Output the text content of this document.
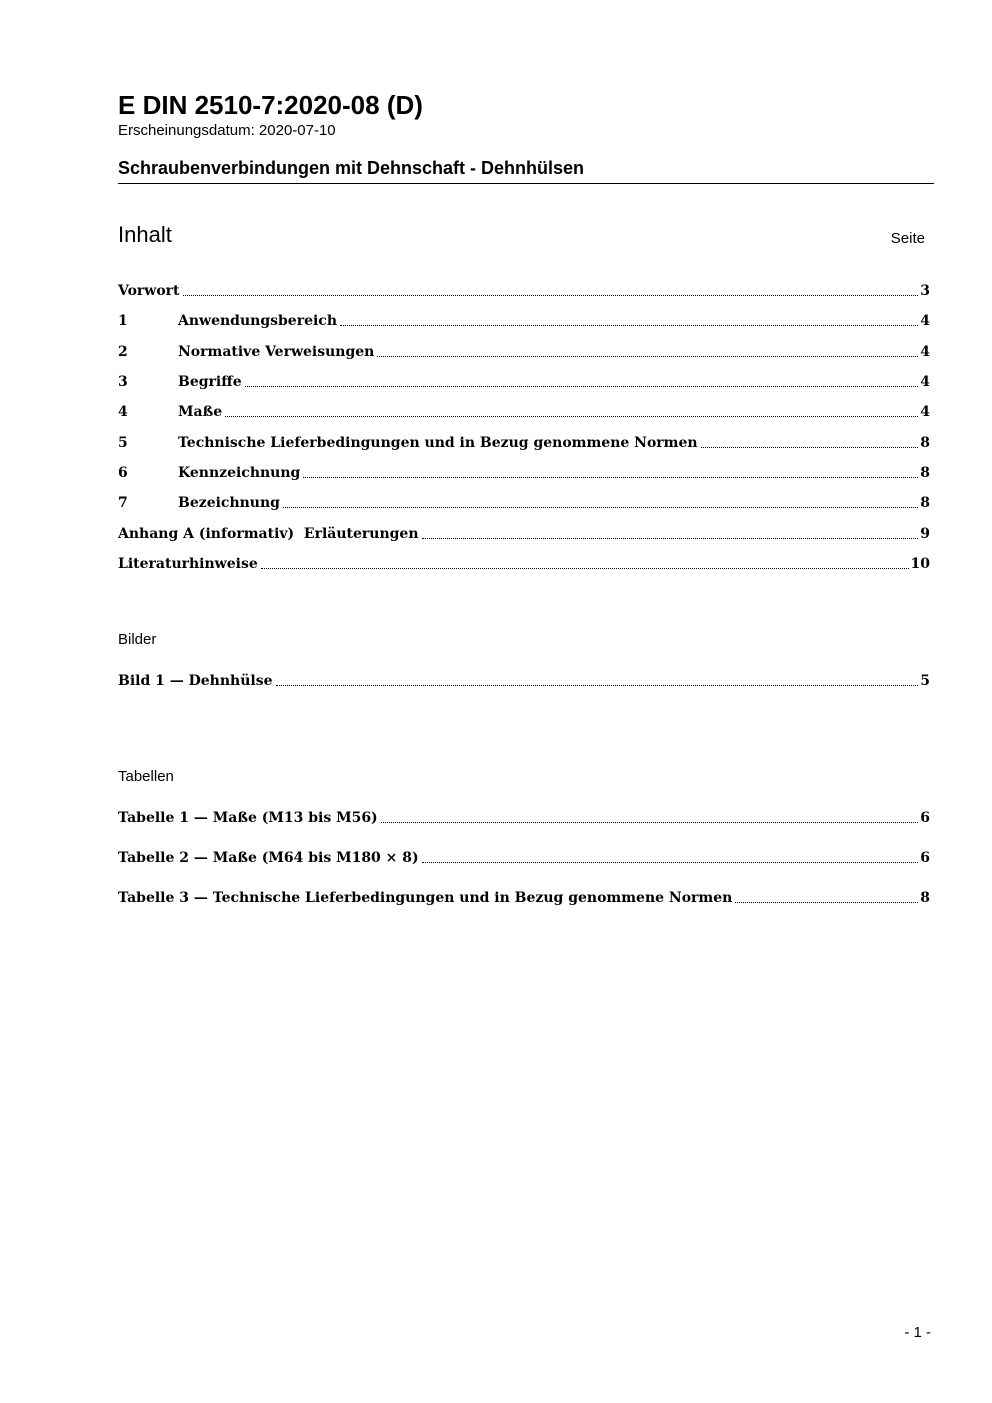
E DIN 2510-7:2020-08 (D)
Erscheinungsdatum: 2020-07-10
Schraubenverbindungen mit Dehnschaft - Dehnhülsen
Inhalt	Seite
Vorwort	3
1	Anwendungsbereich	4
2	Normative Verweisungen	4
3	Begriffe	4
4	Maße	4
5	Technische Lieferbedingungen und in Bezug genommene Normen	8
6	Kennzeichnung	8
7	Bezeichnung	8
Anhang A (informativ)  Erläuterungen	9
Literaturhinweise	10
Bilder
Bild 1 — Dehnhülse	5
Tabellen
Tabelle 1 — Maße (M13 bis M56)	6
Tabelle 2 — Maße (M64 bis M180 × 8)	6
Tabelle 3 — Technische Lieferbedingungen und in Bezug genommene Normen	8
- 1 -
